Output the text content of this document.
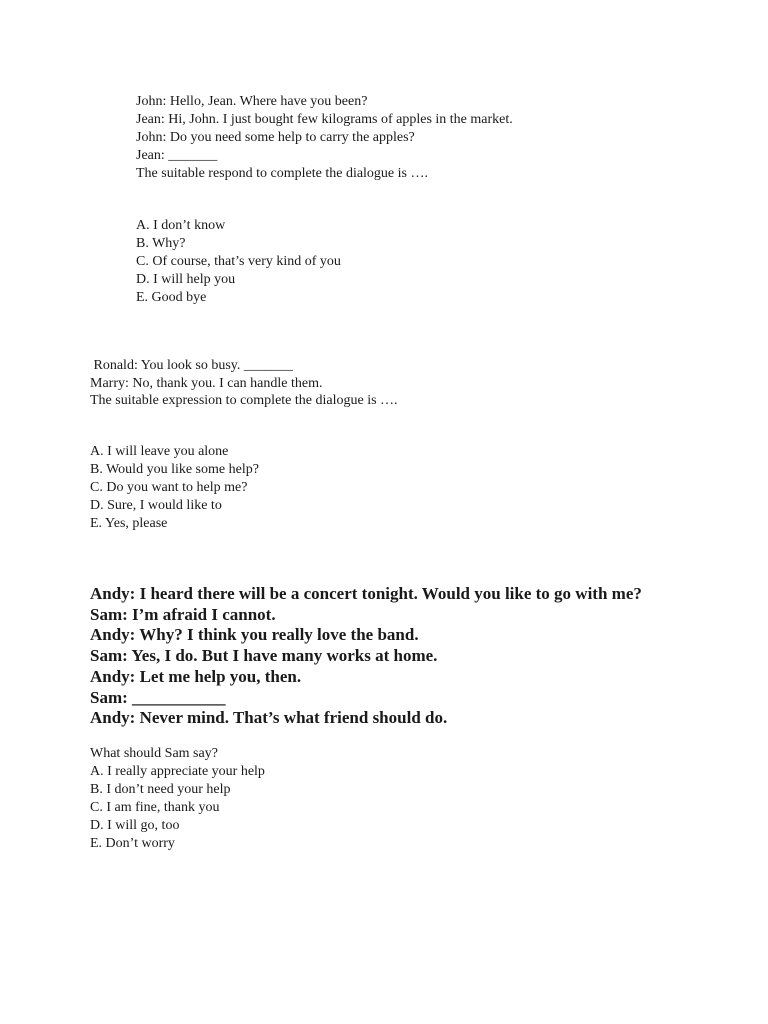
John: Hello, Jean. Where have you been?
Jean: Hi, John. I just bought few kilograms of apples in the market.
John: Do you need some help to carry the apples?
Jean: _______
The suitable respond to complete the dialogue is ….
A. I don’t know
B. Why?
C. Of course, that’s very kind of you
D. I will help you
E. Good bye
Ronald: You look so busy. _______
Marry: No, thank you. I can handle them.
The suitable expression to complete the dialogue is ….
A. I will leave you alone
B. Would you like some help?
C. Do you want to help me?
D. Sure, I would like to
E. Yes, please
Andy: I heard there will be a concert tonight. Would you like to go with me?
Sam: I’m afraid I cannot.
Andy: Why? I think you really love the band.
Sam: Yes, I do. But I have many works at home.
Andy: Let me help you, then.
Sam: ___________
Andy: Never mind. That’s what friend should do.
What should Sam say?
A. I really appreciate your help
B. I don’t need your help
C. I am fine, thank you
D. I will go, too
E. Don’t worry
